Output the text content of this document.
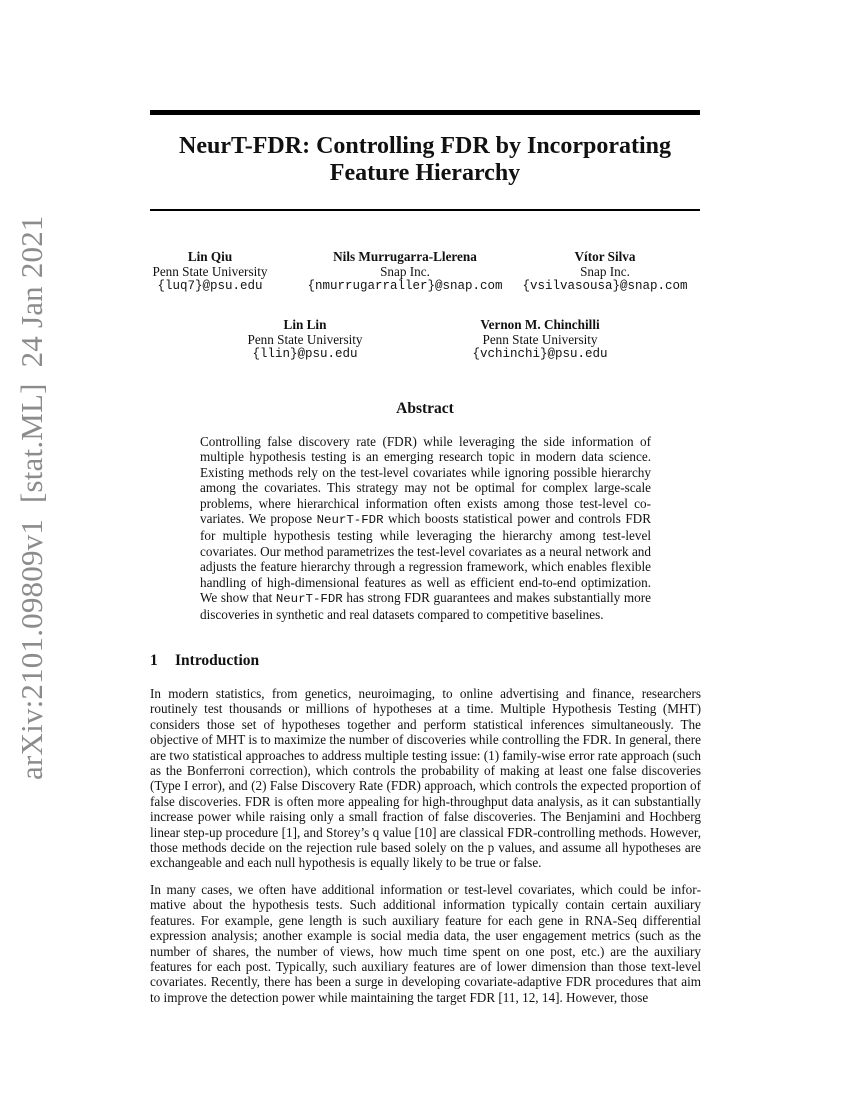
arXiv:2101.09809v1  [stat.ML]  24 Jan 2021
NeurT-FDR: Controlling FDR by Incorporating Feature Hierarchy
Lin Qiu
Penn State University
{luq7}@psu.edu
Nils Murrugarra-Llerena
Snap Inc.
{nmurrugarraller}@snap.com
Vítor Silva
Snap Inc.
{vsilvasousa}@snap.com
Lin Lin
Penn State University
{llin}@psu.edu
Vernon M. Chinchilli
Penn State University
{vchinchi}@psu.edu
Abstract
Controlling false discovery rate (FDR) while leveraging the side information of multiple hypothesis testing is an emerging research topic in modern data science. Existing methods rely on the test-level covariates while ignoring possible hierarchy among the covariates. This strategy may not be optimal for complex large-scale problems, where hierarchical information often exists among those test-level covariates. We propose NeurT-FDR which boosts statistical power and controls FDR for multiple hypothesis testing while leveraging the hierarchy among test-level covariates. Our method parametrizes the test-level covariates as a neural network and adjusts the feature hierarchy through a regression framework, which enables flexible handling of high-dimensional features as well as efficient end-to-end optimization. We show that NeurT-FDR has strong FDR guarantees and makes substantially more discoveries in synthetic and real datasets compared to competitive baselines.
1 Introduction

In modern statistics, from genetics, neuroimaging, to online advertising and finance, researchers routinely test thousands or millions of hypotheses at a time. Multiple Hypothesis Testing (MHT) considers those set of hypotheses together and perform statistical inferences simultaneously. The objective of MHT is to maximize the number of discoveries while controlling the FDR. In general, there are two statistical approaches to address multiple testing issue: (1) family-wise error rate approach (such as the Bonferroni correction), which controls the probability of making at least one false discoveries (Type I error), and (2) False Discovery Rate (FDR) approach, which controls the expected proportion of false discoveries. FDR is often more appealing for high-throughput data analysis, as it can substantially increase power while raising only a small fraction of false discoveries. The Benjamini and Hochberg linear step-up procedure [1], and Storey’s q value [10] are classical FDR-controlling methods. However, those methods decide on the rejection rule based solely on the p values, and assume all hypotheses are exchangeable and each null hypothesis is equally likely to be true or false.

In many cases, we often have additional information or test-level covariates, which could be informative about the hypothesis tests. Such additional information typically contain certain auxiliary features. For example, gene length is such auxiliary feature for each gene in RNA-Seq differential expression analysis; another example is social media data, the user engagement metrics (such as the number of shares, the number of views, how much time spent on one post, etc.) are the auxiliary features for each post. Typically, such auxiliary features are of lower dimension than those text-level covariates. Recently, there has been a surge in developing covariate-adaptive FDR procedures that aim to improve the detection power while maintaining the target FDR [11, 12, 14]. However, those
